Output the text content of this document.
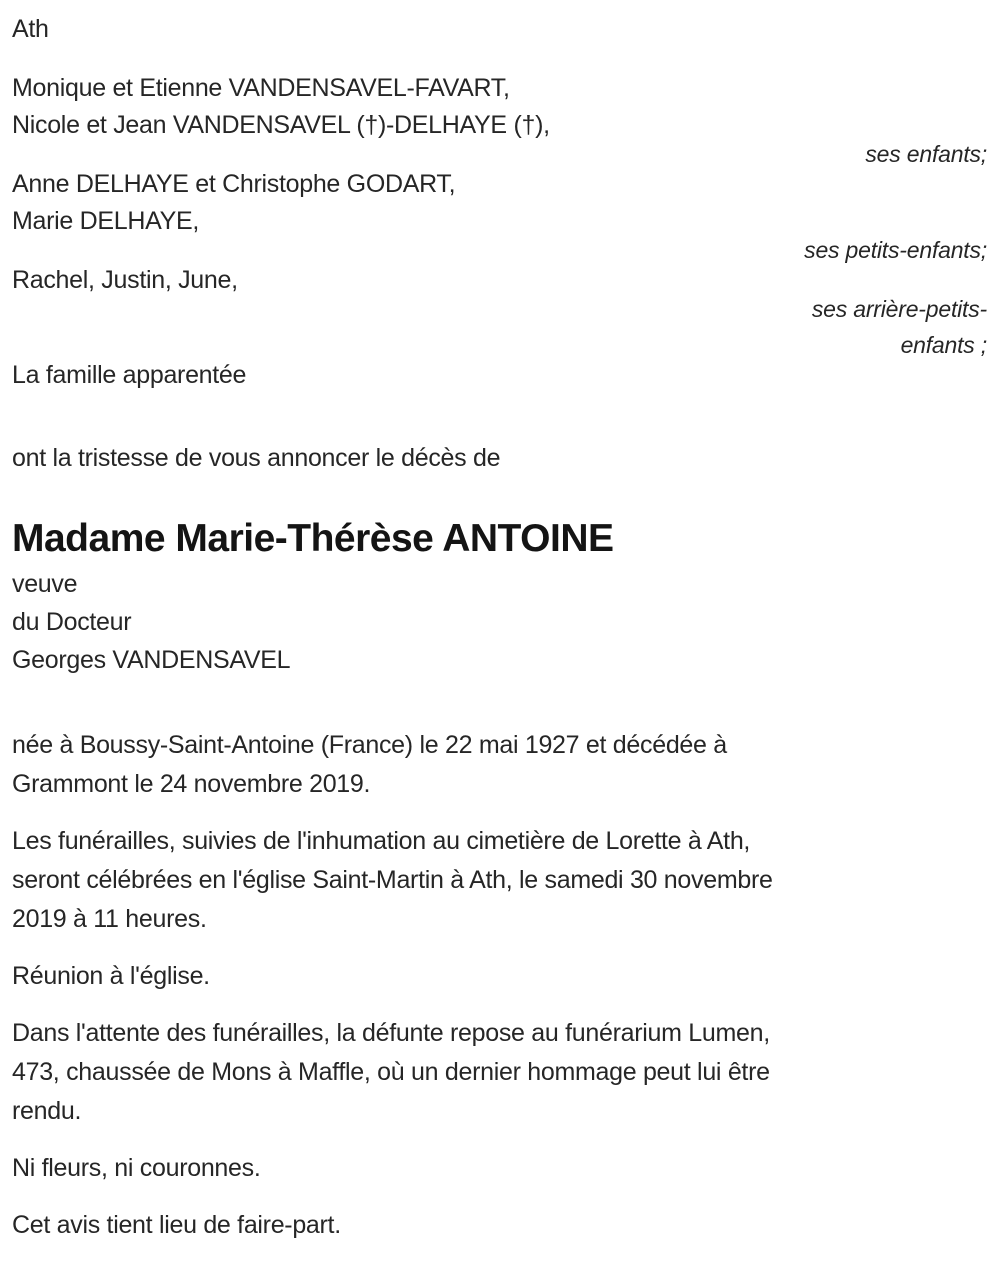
Ath
Monique et Etienne VANDENSAVEL-FAVART,
Nicole et Jean VANDENSAVEL (†)-DELHAYE (†),
ses enfants;
Anne DELHAYE et Christophe GODART,
Marie DELHAYE,
ses petits-enfants;
Rachel, Justin, June,
ses arrière-petits-
enfants ;
La famille apparentée
ont la tristesse de vous annoncer le décès de
Madame Marie-Thérèse ANTOINE
veuve
du Docteur
Georges VANDENSAVEL

née à Boussy-Saint-Antoine (France) le 22 mai 1927 et décédée à
Grammont le 24 novembre 2019.

Les funérailles, suivies de l'inhumation au cimetière de Lorette à Ath,
seront célébrées en l'église Saint-Martin à Ath, le samedi 30 novembre
2019 à 11 heures.

Réunion à l'église.

Dans l'attente des funérailles, la défunte repose au funérarium Lumen,
473, chaussée de Mons à Maffle, où un dernier hommage peut lui être
rendu.

Ni fleurs, ni couronnes.

Cet avis tient lieu de faire-part.
